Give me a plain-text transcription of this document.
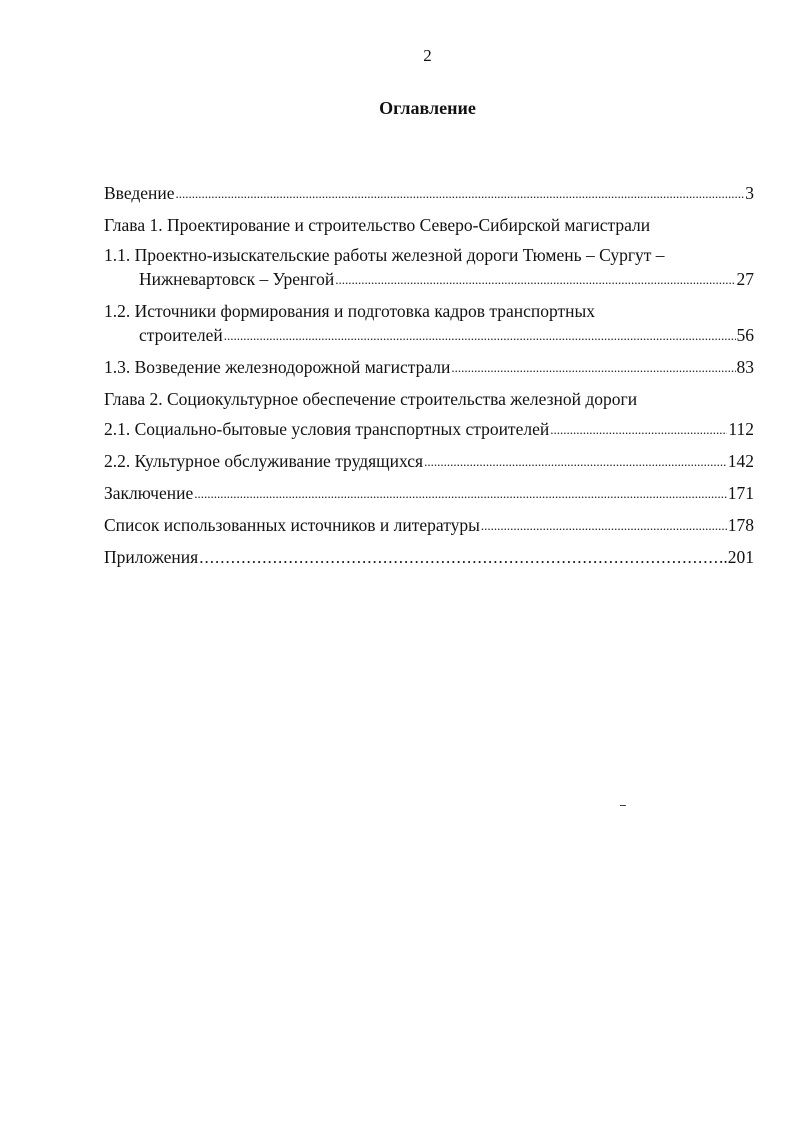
2
Оглавление
Введение .....	3
Глава 1. Проектирование и строительство Северо-Сибирской магистрали
1.1. Проектно-изыскательские работы железной дороги Тюмень – Сургут –
Нижневартовск – Уренгой .....	27
1.2. Источники формирования и подготовка кадров транспортных
строителей .....	56
1.3. Возведение железнодорожной магистрали .....	83
Глава 2. Социокультурное обеспечение строительства железной дороги
2.1. Социально-бытовые условия транспортных строителей .....	112
2.2. Культурное обслуживание трудящихся .....	142
Заключение .....	171
Список использованных источников и литературы .....	178
Приложения .....	..201
